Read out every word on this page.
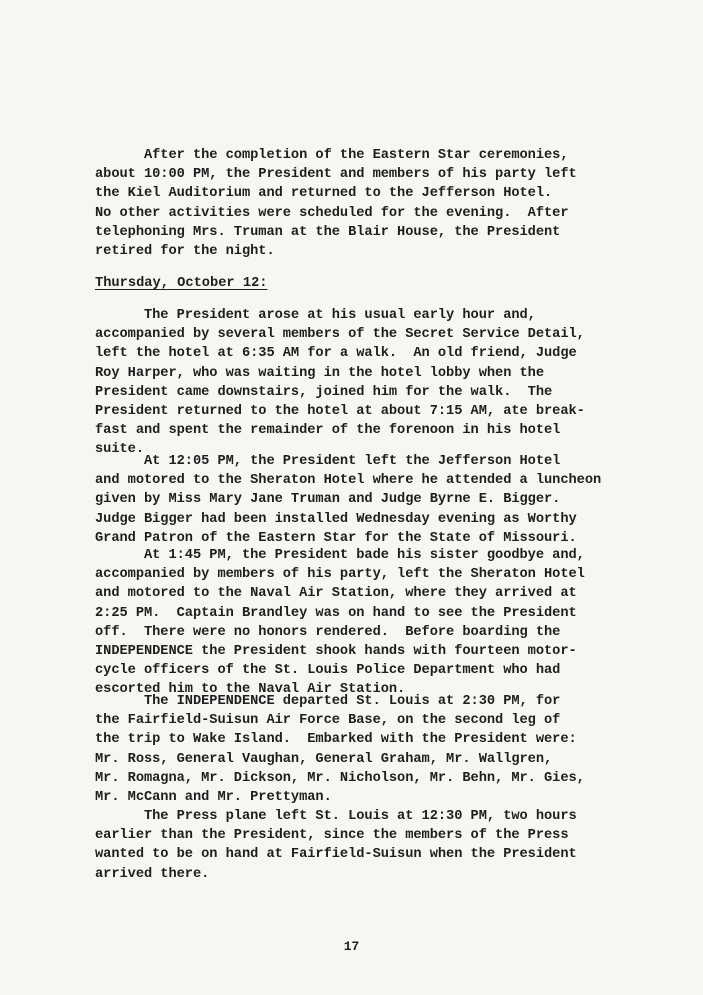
After the completion of the Eastern Star ceremonies,
about 10:00 PM, the President and members of his party left
the Kiel Auditorium and returned to the Jefferson Hotel.
No other activities were scheduled for the evening.  After
telephoning Mrs. Truman at the Blair House, the President
retired for the night.
Thursday, October 12:
The President arose at his usual early hour and,
accompanied by several members of the Secret Service Detail,
left the hotel at 6:35 AM for a walk.  An old friend, Judge
Roy Harper, who was waiting in the hotel lobby when the
President came downstairs, joined him for the walk.  The
President returned to the hotel at about 7:15 AM, ate break-
fast and spent the remainder of the forenoon in his hotel
suite.
At 12:05 PM, the President left the Jefferson Hotel
and motored to the Sheraton Hotel where he attended a luncheon
given by Miss Mary Jane Truman and Judge Byrne E. Bigger.
Judge Bigger had been installed Wednesday evening as Worthy
Grand Patron of the Eastern Star for the State of Missouri.
At 1:45 PM, the President bade his sister goodbye and,
accompanied by members of his party, left the Sheraton Hotel
and motored to the Naval Air Station, where they arrived at
2:25 PM.  Captain Brandley was on hand to see the President
off.  There were no honors rendered.  Before boarding the
INDEPENDENCE the President shook hands with fourteen motor-
cycle officers of the St. Louis Police Department who had
escorted him to the Naval Air Station.
The INDEPENDENCE departed St. Louis at 2:30 PM, for
the Fairfield-Suisun Air Force Base, on the second leg of
the trip to Wake Island.  Embarked with the President were:
Mr. Ross, General Vaughan, General Graham, Mr. Wallgren,
Mr. Romagna, Mr. Dickson, Mr. Nicholson, Mr. Behn, Mr. Gies,
Mr. McCann and Mr. Prettyman.
The Press plane left St. Louis at 12:30 PM, two hours
earlier than the President, since the members of the Press
wanted to be on hand at Fairfield-Suisun when the President
arrived there.
17
